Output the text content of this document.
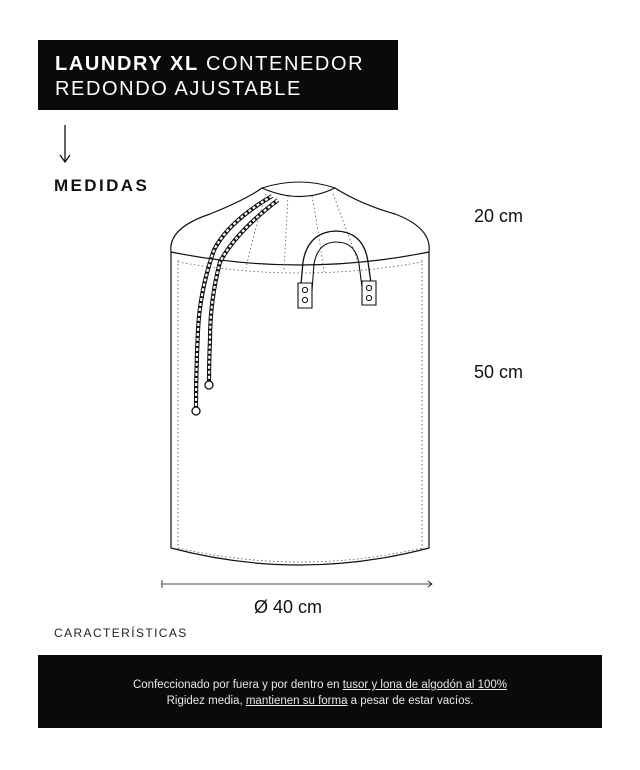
LAUNDRY XL CONTENEDOR
REDONDO AJUSTABLE
MEDIDAS
20 cm
50 cm
Ø 40 cm
CARACTERÍSTICAS
Confeccionado por fuera y por dentro en tusor y lona de algodón al 100%
Rigidez media, mantienen su forma a pesar de estar vacíos.
